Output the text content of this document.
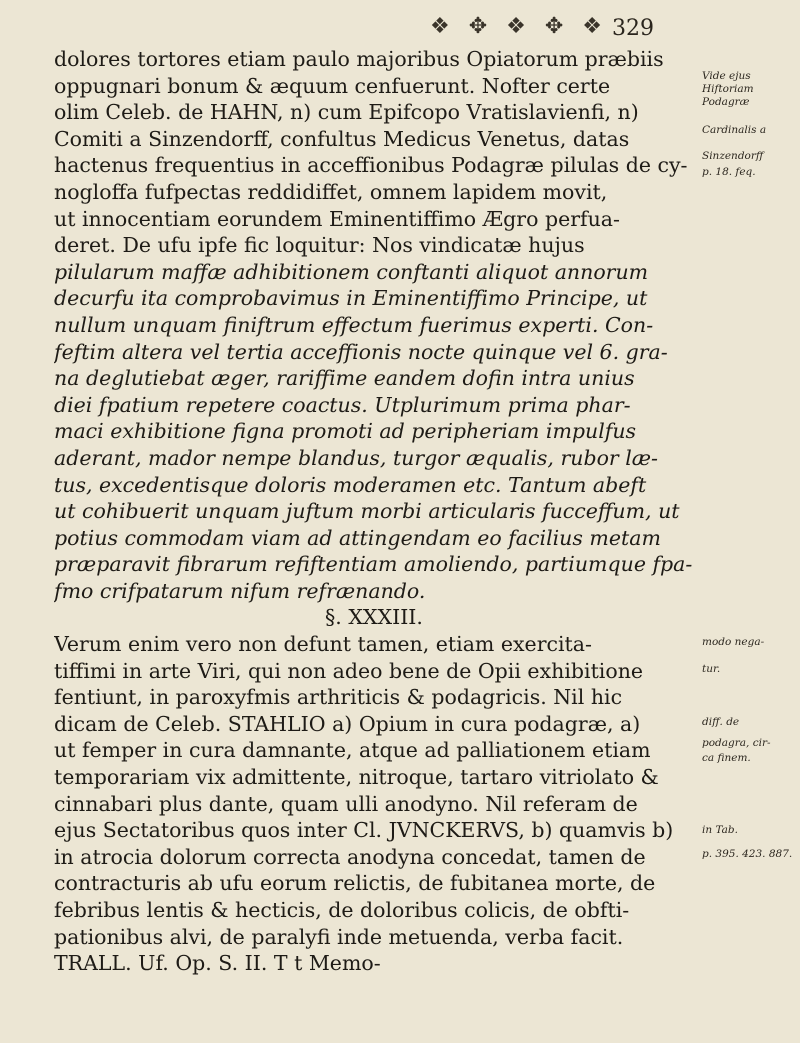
❖ ✥ ❖ ✥ ❖ 329
dolores tortores etiam paulo majoribus Opiatorum præbiis
oppugnari bonum & æquum cenfuerunt. Nofter certe
olim Celeb. de HAHN, n) cum Epifcopo Vratislavienfi, n)
Comiti a Sinzendorff, confultus Medicus Venetus, datas
hactenus frequentius in acceffionibus Podagræ pilulas de cy-
nogloffa fufpectas reddidiffet, omnem lapidem movit,
ut innocentiam eorundem Eminentiffimo Ægro perfua-
deret. De ufu ipfe fic loquitur: Nos vindicatæ hujus
pilularum maffæ adhibitionem conftanti aliquot annorum
decurfu ita comprobavimus in Eminentiffimo Principe, ut
nullum unquam finiftrum effectum fuerimus experti. Con-
feftim altera vel tertia acceffionis nocte quinque vel 6. gra-
na deglutiebat æger, rariffime eandem dofin intra unius
diei fpatium repetere coactus. Utplurimum prima phar-
maci exhibitione figna promoti ad peripheriam impulfus
aderant, mador nempe blandus, turgor æqualis, rubor læ-
tus, excedentisque doloris moderamen etc. Tantum abeft
ut cohibuerit unquam juftum morbi articularis fucceffum, ut
potius commodam viam ad attingendam eo facilius metam
præparavit fibrarum refiftentiam amoliendo, partiumque fpa-
fmo crifpatarum nifum refrænando.
§. XXXIII.
Verum enim vero non defunt tamen, etiam exercita-
tiffimi in arte Viri, qui non adeo bene de Opii exhibitione
fentiunt, in paroxyfmis arthriticis & podagricis. Nil hic
dicam de Celeb. STAHLIO a) Opium in cura podagræ, a)
ut femper in cura damnante, atque ad palliationem etiam
temporariam vix admittente, nitroque, tartaro vitriolato &
cinnabari plus dante, quam ulli anodyno. Nil referam de
ejus Sectatoribus quos inter Cl. JVNCKERVS, b) quamvis b)
in atrocia dolorum correcta anodyna concedat, tamen de
contracturis ab ufu eorum relictis, de fubitanea morte, de
febribus lentis & hecticis, de doloribus colicis, de obfti-
pationibus alvi, de paralyfi inde metuenda, verba facit.
TRALL. Uf. Op. S. II. T t Memo-
Vide ejus
Hiftoriam
Podagræ
Cardinalis a
Sinzendorff
p. 18. feq.
modo nega-
tur.
diff. de
podagra, cir-
ca finem.
in Tab.
p. 395. 423. 887.
